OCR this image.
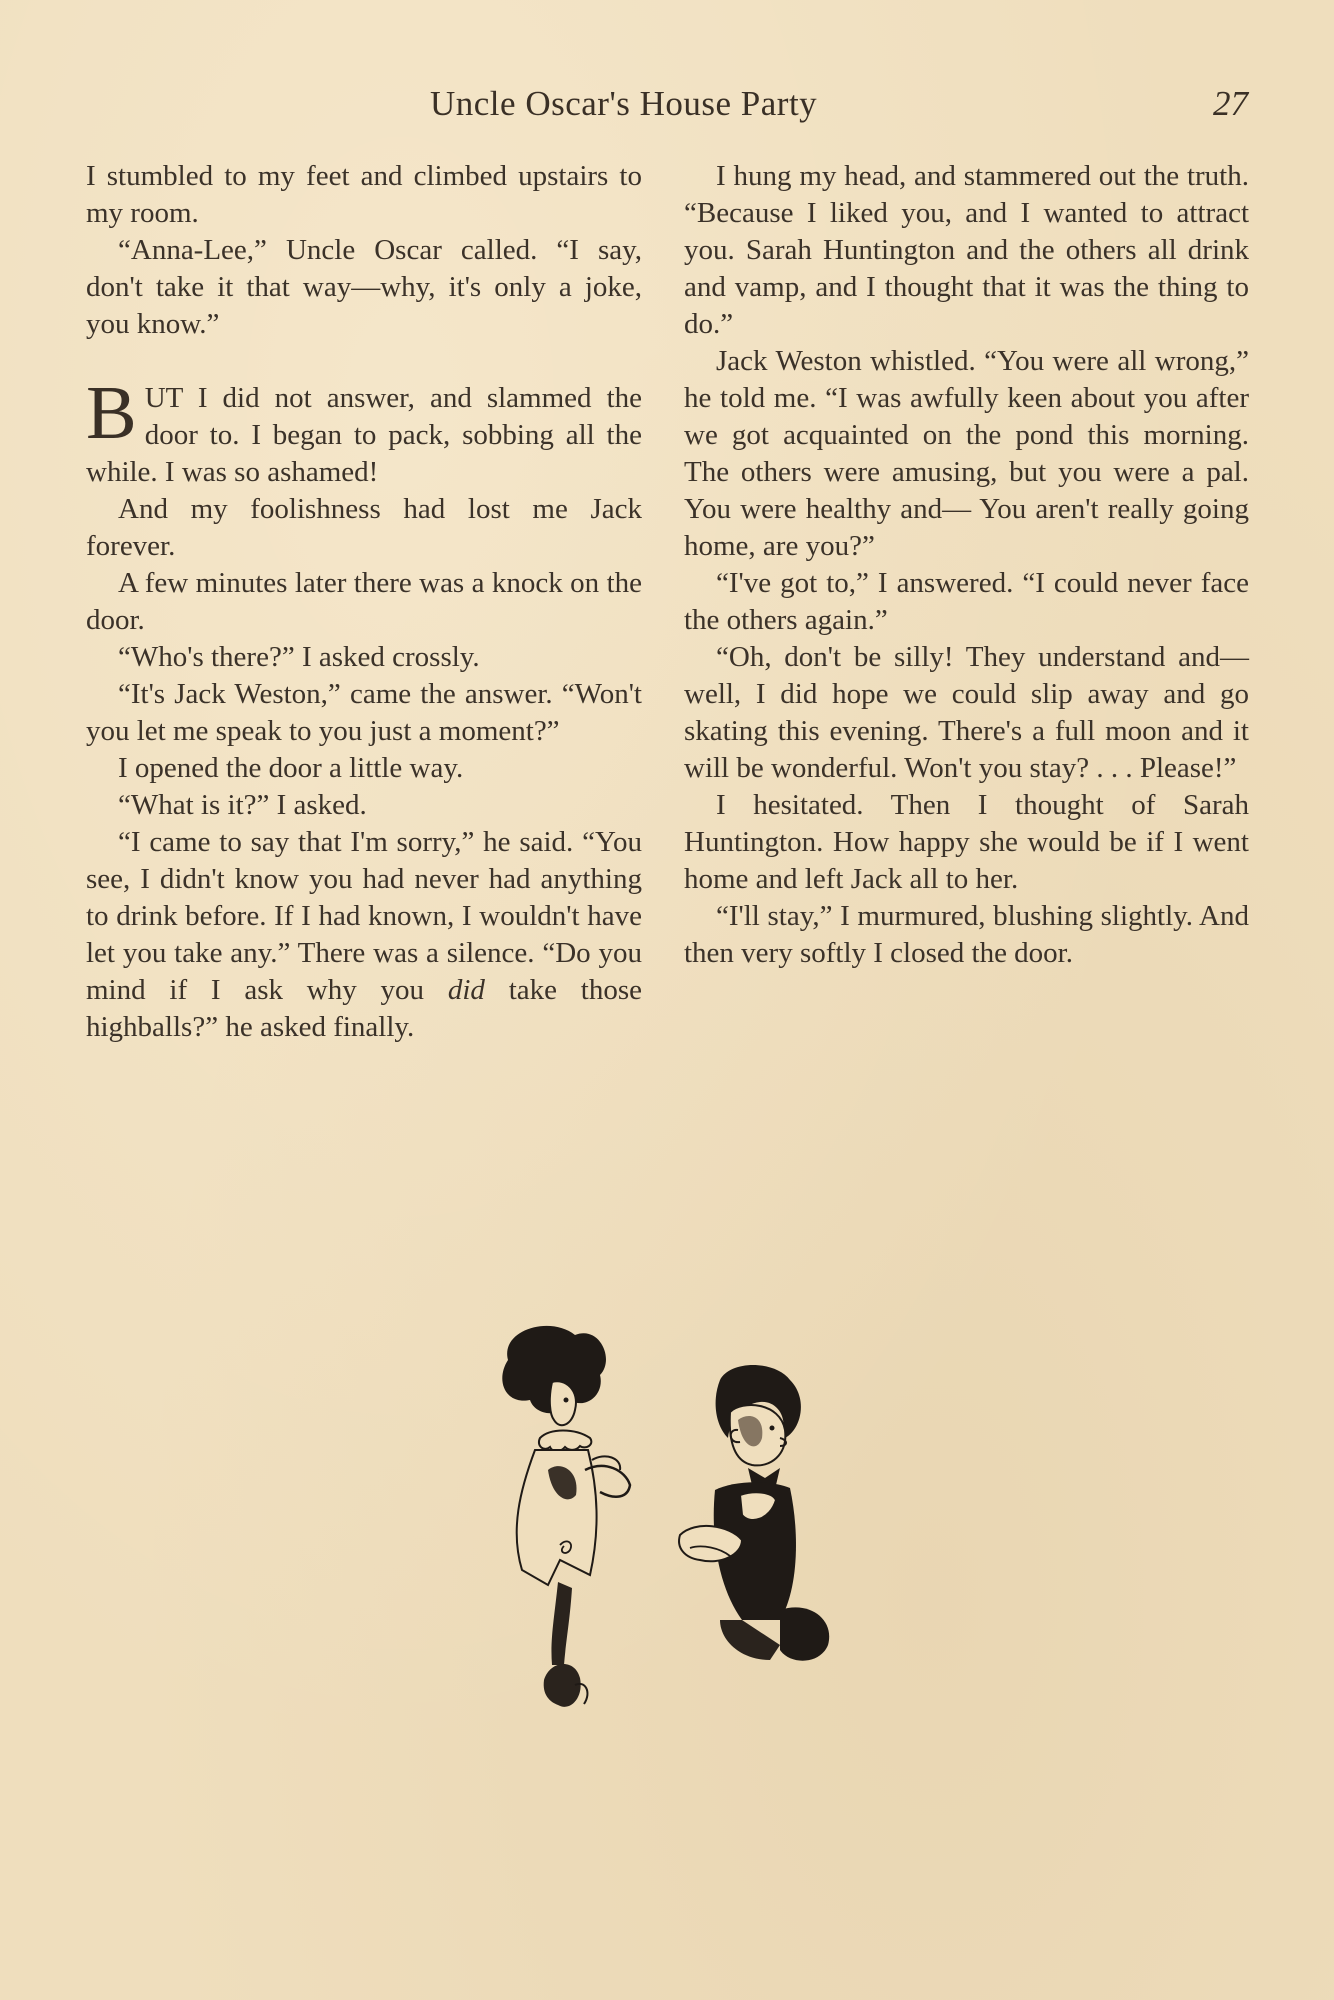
Uncle Oscar's House Party	27

I stumbled to my feet and climbed upstairs to my room.

“Anna-Lee,” Uncle Oscar called. “I say, don't take it that way—why, it's only a joke, you know.”

BUT I did not answer, and slammed the door to. I began to pack, sobbing all the while. I was so ashamed!

And my foolishness had lost me Jack forever.

A few minutes later there was a knock on the door.

“Who's there?” I asked crossly.

“It's Jack Weston,” came the answer. “Won't you let me speak to you just a moment?”

I opened the door a little way.

“What is it?” I asked.

“I came to say that I'm sorry,” he said. “You see, I didn't know you had never had anything to drink before. If I had known, I wouldn't have let you take any.” There was a silence. “Do you mind if I ask why you did take those highballs?” he asked finally.

I hung my head, and stammered out the truth. “Because I liked you, and I wanted to attract you. Sarah Huntington and the others all drink and vamp, and I thought that it was the thing to do.”

Jack Weston whistled. “You were all wrong,” he told me. “I was awfully keen about you after we got acquainted on the pond this morning. The others were amusing, but you were a pal. You were healthy and— You aren't really going home, are you?”

“I've got to,” I answered. “I could never face the others again.”

“Oh, don't be silly! They understand and—well, I did hope we could slip away and go skating this evening. There's a full moon and it will be wonderful. Won't you stay? . . . Please!”

I hesitated. Then I thought of Sarah Huntington. How happy she would be if I went home and left Jack all to her.

“I'll stay,” I murmured, blushing slightly. And then very softly I closed the door.
